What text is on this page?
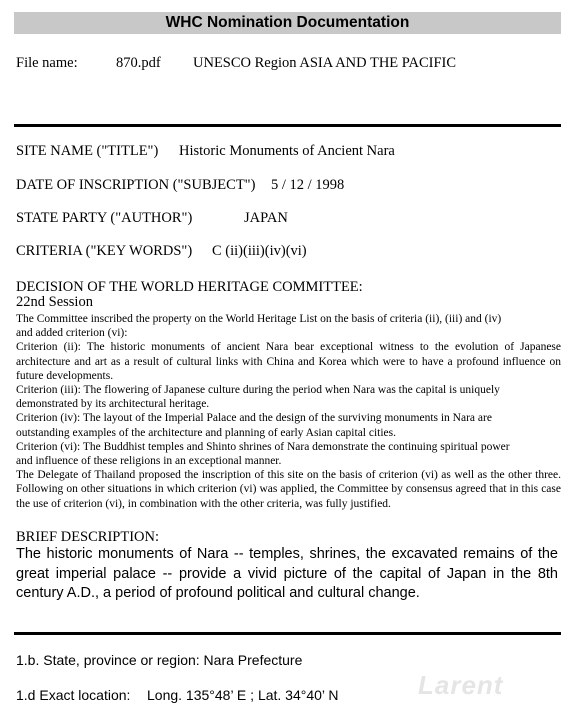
WHC Nomination Documentation
File name:	870.pdf UNESCO Region ASIA AND THE PACIFIC
SITE NAME ("TITLE") Historic Monuments of Ancient Nara
DATE OF INSCRIPTION ("SUBJECT") 5 / 12 / 1998
STATE PARTY ("AUTHOR")	JAPAN
CRITERIA ("KEY WORDS") C (ii)(iii)(iv)(vi)
DECISION OF THE WORLD HERITAGE COMMITTEE:
22nd Session

The Committee inscribed the property on the World Heritage List on the basis of criteria (ii), (iii) and (iv)

and added criterion (vi):

Criterion (ii): The historic monuments of ancient Nara bear exceptional witness to the evolution of Japanese architecture and art as a result of cultural links with China and Korea which were to have a profound influence on future developments.

Criterion (iii): The flowering of Japanese culture during the period when Nara was the capital is uniquely

demonstrated by its architectural heritage.

Criterion (iv): The layout of the Imperial Palace and the design of the surviving monuments in Nara are

outstanding examples of the architecture and planning of early Asian capital cities.

Criterion (vi): The Buddhist temples and Shinto shrines of Nara demonstrate the continuing spiritual power

and influence of these religions in an exceptional manner.

The Delegate of Thailand proposed the inscription of this site on the basis of criterion (vi) as well as the other three. Following on other situations in which criterion (vi) was applied, the Committee by consensus agreed that in this case the use of criterion (vi), in combination with the other criteria, was fully justified.

BRIEF DESCRIPTION:
The historic monuments of Nara -- temples, shrines, the excavated remains of the great imperial palace -- provide a vivid picture of the capital of Japan in the 8th century A.D., a period of profound political and cultural change.
1.b. State, province or region: Nara Prefecture
1.d Exact location: Long. 135°48’ E ; Lat. 34°40’ N	Larent
